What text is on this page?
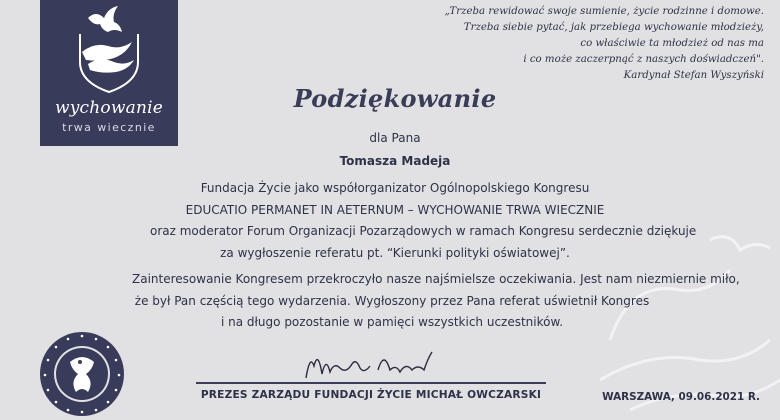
wychowanie
trwa wiecznie
„Trzeba rewidować swoje sumienie, życie rodzinne i domowe.
Trzeba siebie pytać, jak przebiega wychowanie młodzieży,
co właściwie ta młodzież od nas ma
i co może zaczerpnąć z naszych doświadczeń".
Kardynał Stefan Wyszyński
Podziękowanie
dla Pana
Tomasza Madeja
Fundacja Życie jako współorganizator Ogólnopolskiego Kongresu
EDUCATIO PERMANET IN AETERNUM – WYCHOWANIE TRWA WIECZNIE
oraz moderator Forum Organizacji Pozarządowych w ramach Kongresu serdecznie dziękuje
za wygłoszenie referatu pt. “Kierunki polityki oświatowej”.
Zainteresowanie Kongresem przekroczyło nasze najśmielsze oczekiwania. Jest nam niezmiernie miło,
że był Pan częścią tego wydarzenia. Wygłoszony przez Pana referat uświetnił Kongres
i na długo pozostanie w pamięci wszystkich uczestników.
PREZES ZARZĄDU FUNDACJI ŻYCIE MICHAŁ OWCZARSKI	WARSZAWA, 09.06.2021 R.
